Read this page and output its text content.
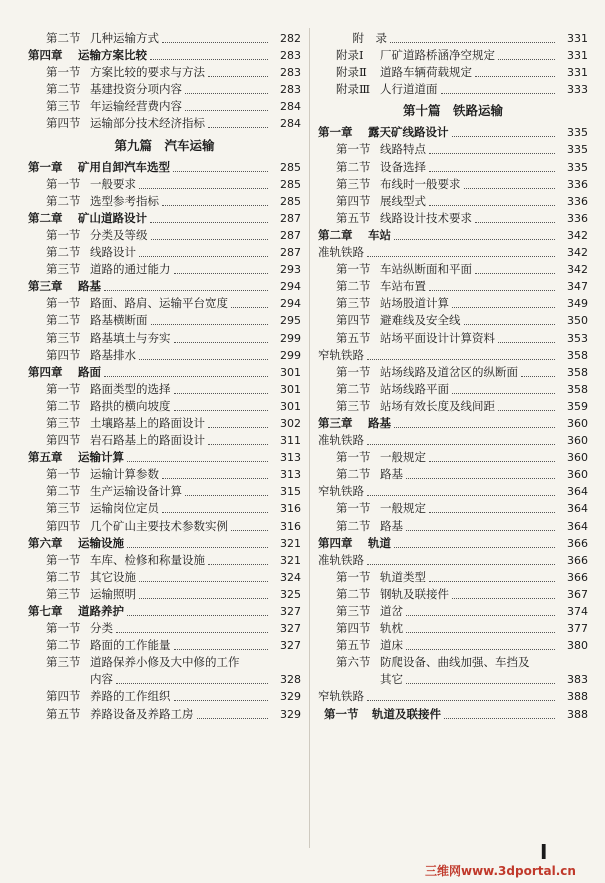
第二节 几种运输方式	282
第四章 运输方案比较	283
第一节 方案比较的要求与方法	283
第二节 基建投资分项内容	283
第三节 年运输经营费内容	284
第四节 运输部分技术经济指标	284
第九篇　汽车运输
第一章 矿用自卸汽车选型	285
第一节 一般要求	285
第二节 选型参考指标	285
第二章 矿山道路设计	287
第一节 分类及等级	287
第二节 线路设计	287
第三节 道路的通过能力	293
第三章 路基	294
第一节 路面、路肩、运输平台宽度	294
第二节 路基横断面	295
第三节 路基填土与夯实	299
第四节 路基排水	299
第四章 路面	301
第一节 路面类型的选择	301
第二节 路拱的横向坡度	301
第三节 土壤路基上的路面设计	302
第四节 岩石路基上的路面设计	311
第五章 运输计算	313
第一节 运输计算参数	313
第二节 生产运输设备计算	315
第三节 运输岗位定员	316
第四节 几个矿山主要技术参数实例	316
第六章 运输设施	321
第一节 车库、检修和称量设施	321
第二节 其它设施	324
第三节 运输照明	325
第七章 道路养护	327
第一节 分类	327
第二节 路面的工作能量	327
第三节 道路保养小修及大中修的工作
内容	328
第四节 养路的工作组织	329
第五节 养路设备及养路工房	329
　　　附　录	331
附录Ⅰ 厂矿道路桥涵净空规定	331
附录Ⅱ 道路车辆荷载规定	331
附录Ⅲ 人行道道面	333
第十篇　铁路运输
第一章 露天矿线路设计	335
第一节 线路特点	335
第二节 设备选择	335
第三节 布线时一般要求	336
第四节 展线型式	336
第五节 线路设计技术要求	336
第二章 车站	342
准轨铁路	342
第一节 车站纵断面和平面	342
第二节 车站布置	347
第三节 站场股道计算	349
第四节 避难线及安全线	350
第五节 站场平面设计计算资料	353
窄轨铁路	358
第一节 站场线路及道岔区的纵断面	358
第二节 站场线路平面	358
第三节 站场有效长度及线间距	359
第三章 路基	360
准轨铁路	360
第一节 一般规定	360
第二节 路基	360
窄轨铁路	364
第一节 一般规定	364
第二节 路基	364
第四章 轨道	366
准轨铁路	366
第一节 轨道类型	366
第二节 钢轨及联接件	367
第三节 道岔	374
第四节 轨枕	377
第五节 道床	380
第六节 防爬设备、曲线加强、车挡及
其它	383
窄轨铁路	388
第一节 轨道及联接件	388
I
三维网www.3dportal.cn
